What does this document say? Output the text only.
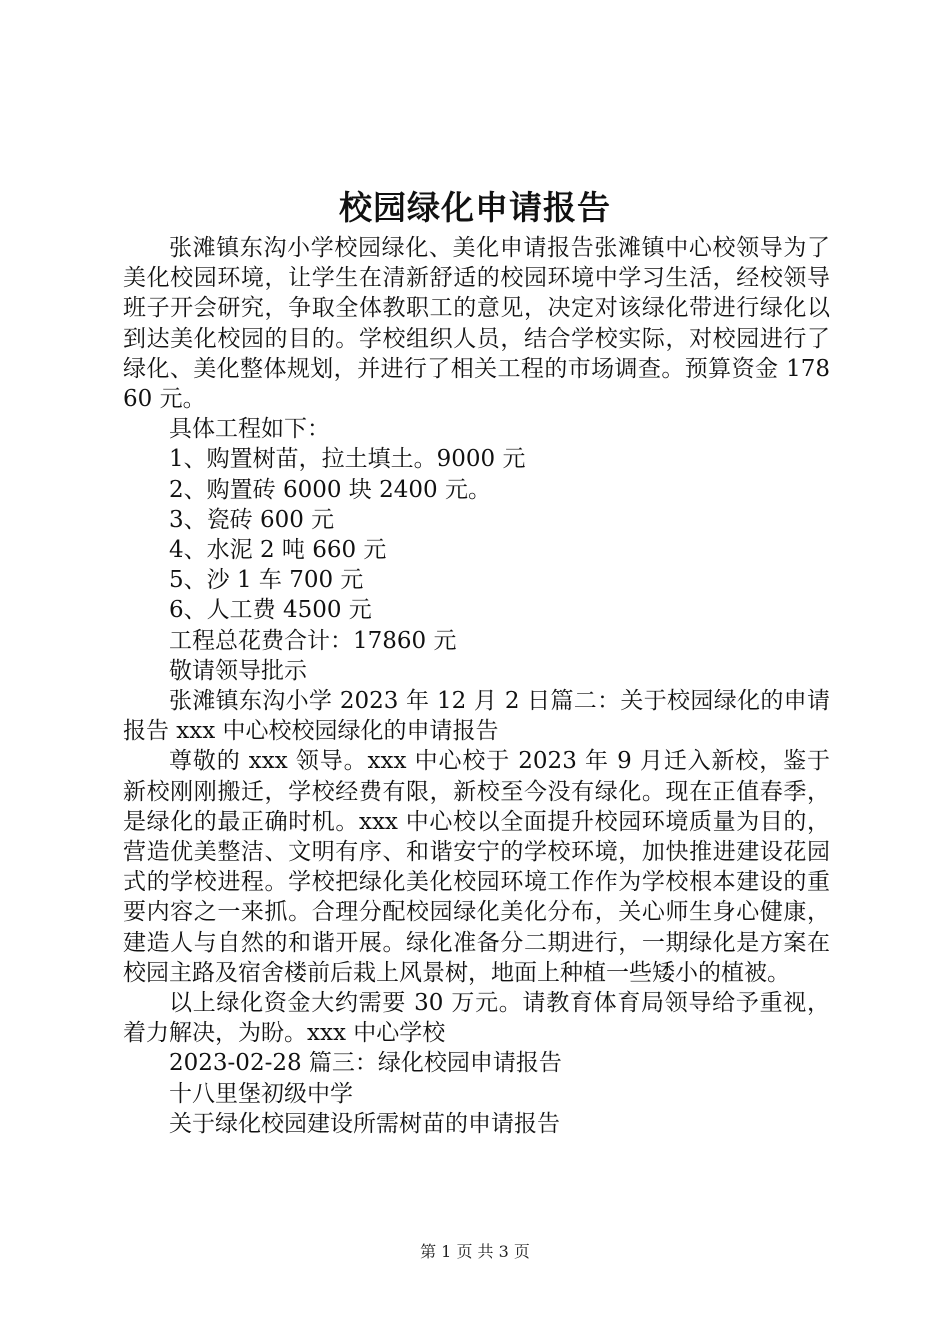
校园绿化申请报告

张滩镇东沟小学校园绿化、美化申请报告张滩镇中心校领导为了美化校园环境，让学生在清新舒适的校园环境中学习生活，经校领导班子开会研究，争取全体教职工的意见，决定对该绿化带进行绿化以到达美化校园的目的。学校组织人员，结合学校实际，对校园进行了绿化、美化整体规划，并进行了相关工程的市场调查。预算资金 17860 元。

具体工程如下：

1、购置树苗，拉土填土。9000 元

2、购置砖 6000 块 2400 元。

3、瓷砖 600 元

4、水泥 2 吨 660 元

5、沙 1 车 700 元

6、人工费 4500 元

工程总花费合计：17860 元

敬请领导批示

张滩镇东沟小学 2023 年 12 月 2 日篇二：关于校园绿化的申请报告 xxx 中心校校园绿化的申请报告

尊敬的 xxx 领导。xxx 中心校于 2023 年 9 月迁入新校，鉴于新校刚刚搬迁，学校经费有限，新校至今没有绿化。现在正值春季，是绿化的最正确时机。xxx 中心校以全面提升校园环境质量为目的，营造优美整洁、文明有序、和谐安宁的学校环境，加快推进建设花园式的学校进程。学校把绿化美化校园环境工作作为学校根本建设的重要内容之一来抓。合理分配校园绿化美化分布，关心师生身心健康，建造人与自然的和谐开展。绿化准备分二期进行，一期绿化是方案在校园主路及宿舍楼前后栽上风景树，地面上种植一些矮小的植被。

以上绿化资金大约需要 30 万元。请教育体育局领导给予重视，着力解决，为盼。xxx 中心学校

2023-02-28 篇三：绿化校园申请报告

十八里堡初级中学

关于绿化校园建设所需树苗的申请报告

第 1 页 共 3 页
